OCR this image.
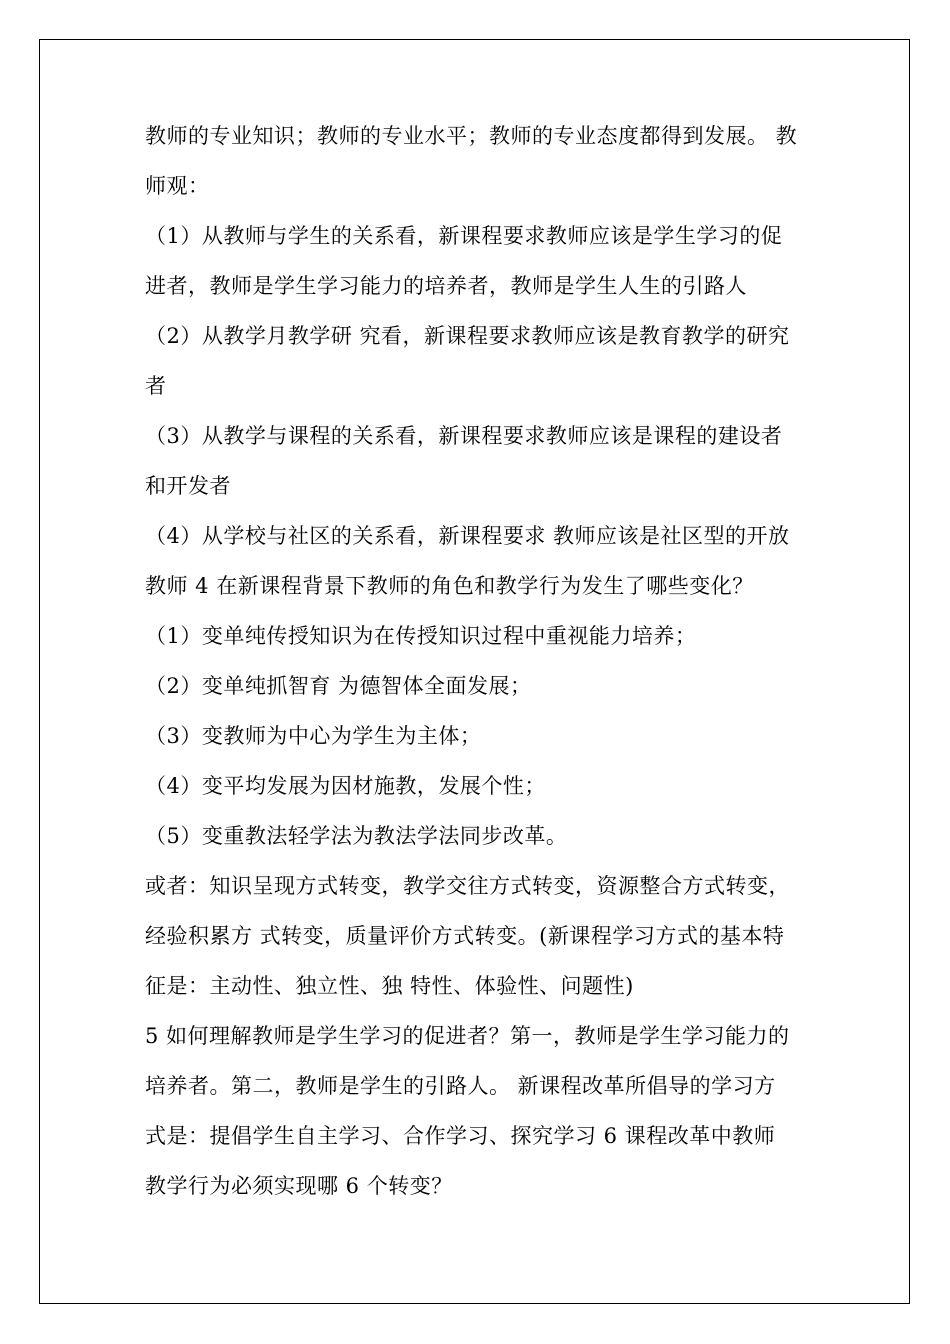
教师的专业知识；教师的专业水平；教师的专业态度都得到发展。 教
师观：
（1）从教师与学生的关系看，新课程要求教师应该是学生学习的促
进者，教师是学生学习能力的培养者，教师是学生人生的引路人
（2）从教学月教学研 究看，新课程要求教师应该是教育教学的研究
者
（3）从教学与课程的关系看，新课程要求教师应该是课程的建设者
和开发者
（4）从学校与社区的关系看，新课程要求 教师应该是社区型的开放
教师 4 在新课程背景下教师的角色和教学行为发生了哪些变化？
（1）变单纯传授知识为在传授知识过程中重视能力培养；
（2）变单纯抓智育 为德智体全面发展；
（3）变教师为中心为学生为主体；
（4）变平均发展为因材施教，发展个性；
（5）变重教法轻学法为教法学法同步改革。
或者：知识呈现方式转变，教学交往方式转变，资源整合方式转变，
经验积累方 式转变，质量评价方式转变。(新课程学习方式的基本特
征是：主动性、独立性、独 特性、体验性、问题性)
5 如何理解教师是学生学习的促进者？第一，教师是学生学习能力的
培养者。第二，教师是学生的引路人。 新课程改革所倡导的学习方
式是：提倡学生自主学习、合作学习、探究学习 6 课程改革中教师
教学行为必须实现哪 6 个转变？
